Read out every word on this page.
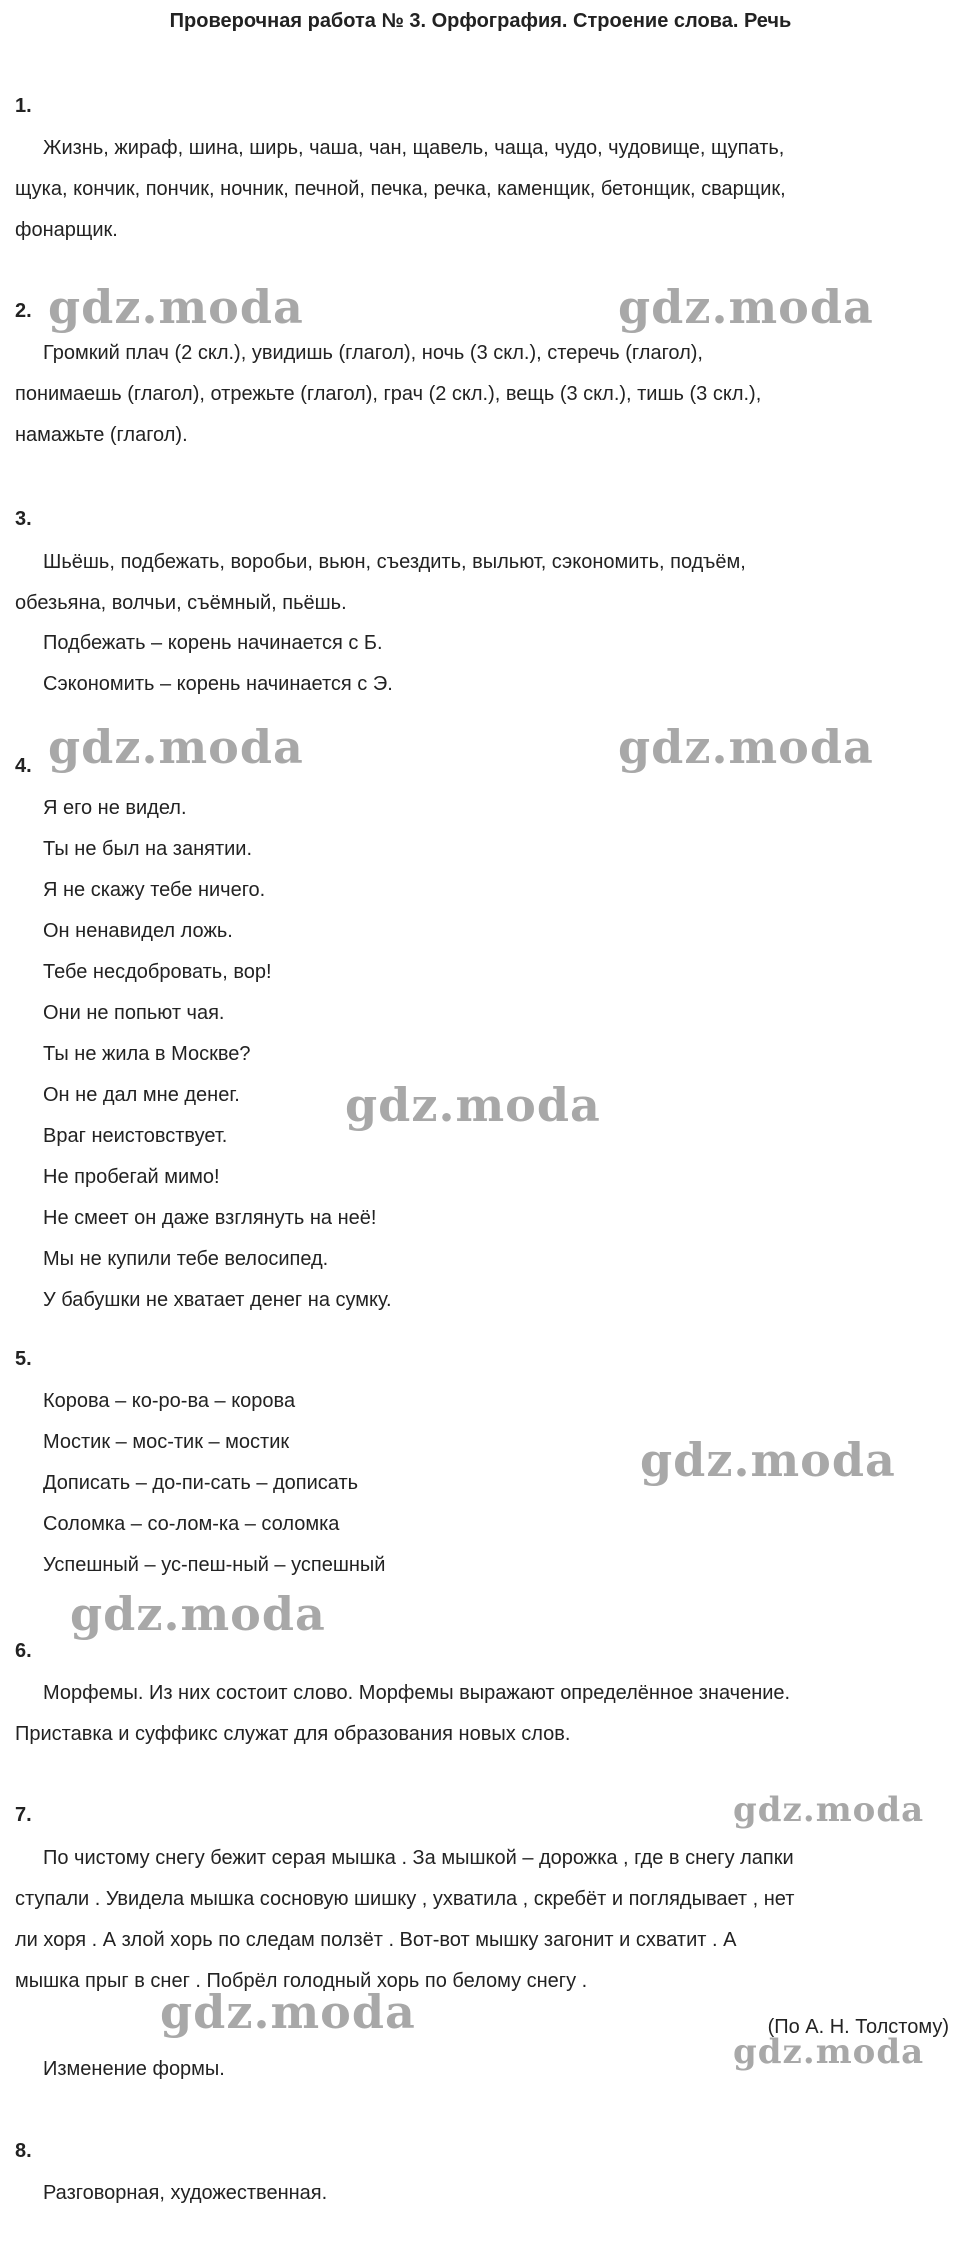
Проверочная работа № 3. Орфография. Строение слова. Речь
1.
Жизнь, жираф, шина, ширь, чаша, чан, щавель, чаща, чудо, чудовище, щупать,
щука, кончик, пончик, ночник, печной, печка, речка, каменщик, бетонщик, сварщик,
фонарщик.
2.
Громкий плач (2 скл.), увидишь (глагол), ночь (3 скл.), стеречь (глагол),
понимаешь (глагол), отрежьте (глагол), грач (2 скл.), вещь (3 скл.), тишь (3 скл.),
намажьте (глагол).
3.
Шьёшь, подбежать, воробьи, вьюн, съездить, выльют, сэкономить, подъём,
обезьяна, волчьи, съёмный, пьёшь.
Подбежать – корень начинается с Б.
Сэкономить – корень начинается с Э.
4.
Я его не видел.
Ты не был на занятии.
Я не скажу тебе ничего.
Он ненавидел ложь.
Тебе несдобровать, вор!
Они не попьют чая.
Ты не жила в Москве?
Он не дал мне денег.
Враг неистовствует.
Не пробегай мимо!
Не смеет он даже взглянуть на неё!
Мы не купили тебе велосипед.
У бабушки не хватает денег на сумку.
5.
Корова – ко-ро-ва – корова
Мостик – мос-тик – мостик
Дописать – до-пи-сать – дописать
Соломка – со-лом-ка – соломка
Успешный – ус-пеш-ный – успешный
6.
Морфемы. Из них состоит слово. Морфемы выражают определённое значение.
Приставка и суффикс служат для образования новых слов.
7.
По чистому снегу бежит серая мышка . За мышкой – дорожка , где в снегу лапки
ступали . Увидела мышка сосновую шишку , ухватила , скребёт и поглядывает , нет
ли хоря . А злой хорь по следам ползёт . Вот-вот мышку загонит и схватит . А
мышка прыг в снег . Побрёл голодный хорь по белому снегу .
(По А. Н. Толстому)
Изменение формы.
8.
Разговорная, художественная.
gdz.moda	gdz.moda
gdz.moda	gdz.moda
gdz.moda
gdz.moda
gdz.moda
gdz.moda
gdz.moda
gdz.moda
